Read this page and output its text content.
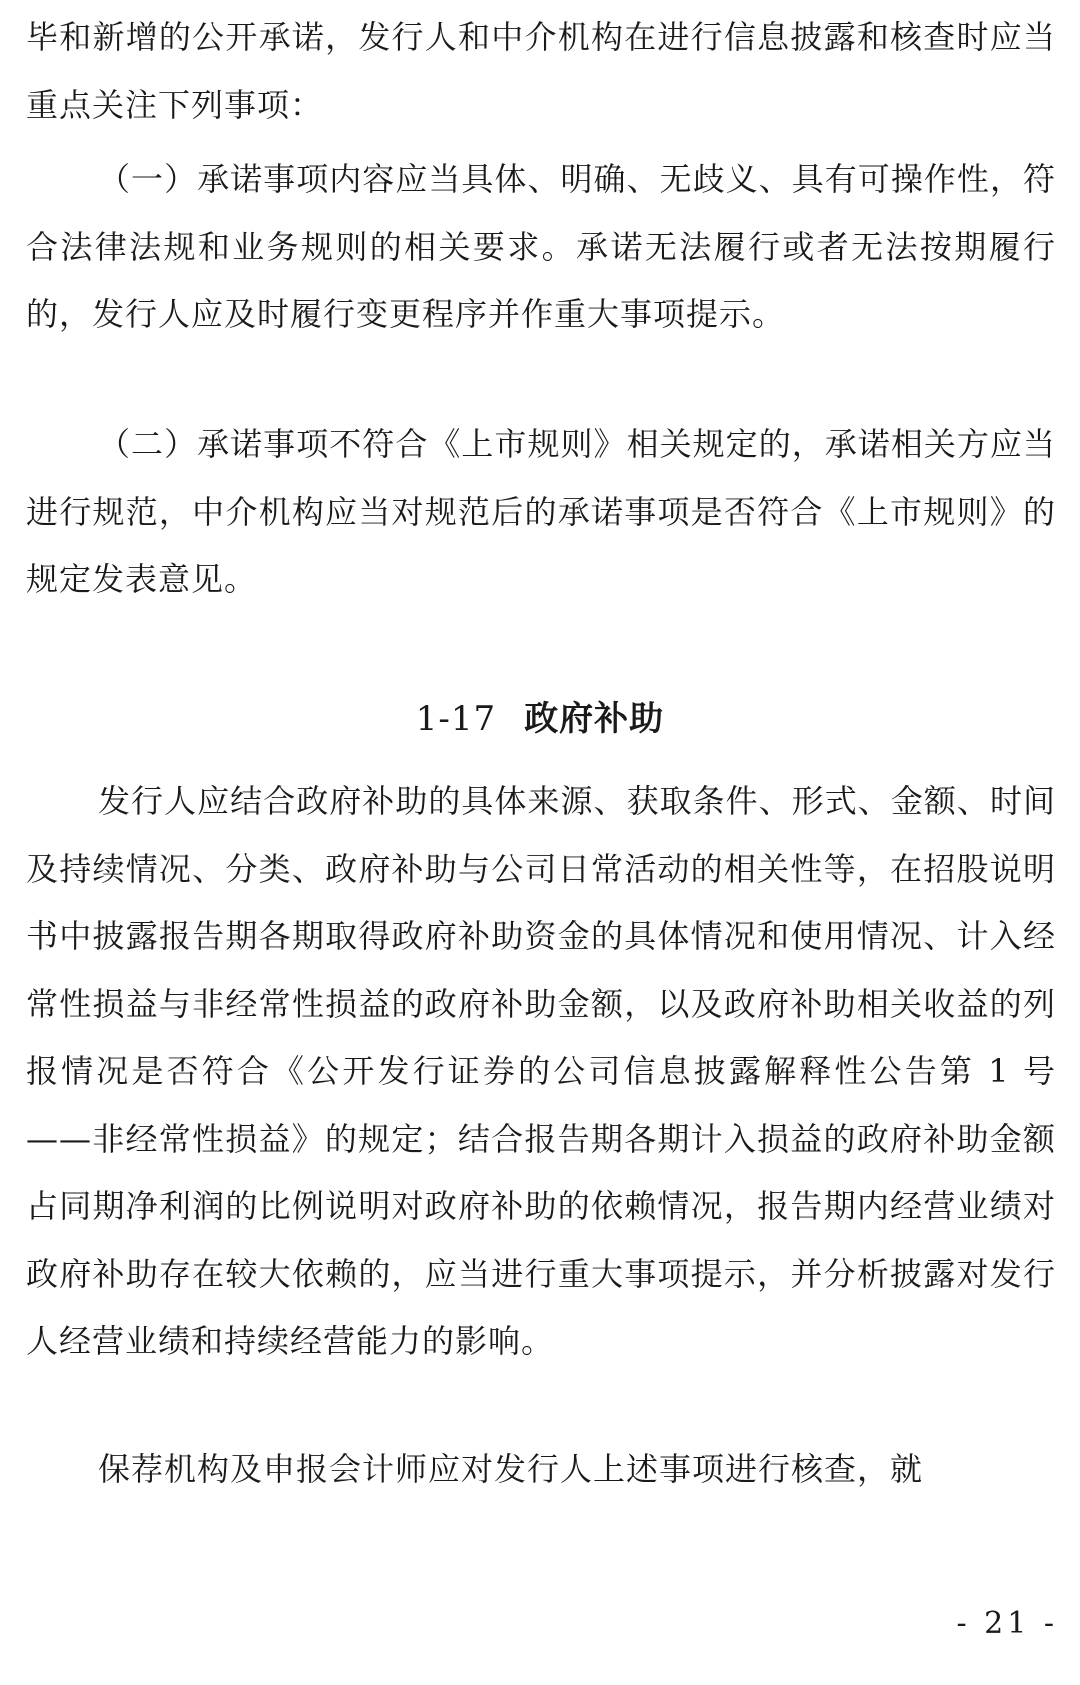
毕和新增的公开承诺，发行人和中介机构在进行信息披露和核查时应当重点关注下列事项：

（一）承诺事项内容应当具体、明确、无歧义、具有可操作性，符合法律法规和业务规则的相关要求。承诺无法履行或者无法按期履行的，发行人应及时履行变更程序并作重大事项提示。

（二）承诺事项不符合《上市规则》相关规定的，承诺相关方应当进行规范，中介机构应当对规范后的承诺事项是否符合《上市规则》的规定发表意见。

1-17 政府补助

发行人应结合政府补助的具体来源、获取条件、形式、金额、时间及持续情况、分类、政府补助与公司日常活动的相关性等，在招股说明书中披露报告期各期取得政府补助资金的具体情况和使用情况、计入经常性损益与非经常性损益的政府补助金额，以及政府补助相关收益的列报情况是否符合《公开发行证券的公司信息披露解释性公告第 1 号——非经常性损益》的规定；结合报告期各期计入损益的政府补助金额占同期净利润的比例说明对政府补助的依赖情况，报告期内经营业绩对政府补助存在较大依赖的，应当进行重大事项提示，并分析披露对发行人经营业绩和持续经营能力的影响。

保荐机构及申报会计师应对发行人上述事项进行核查，就

- 21 -
